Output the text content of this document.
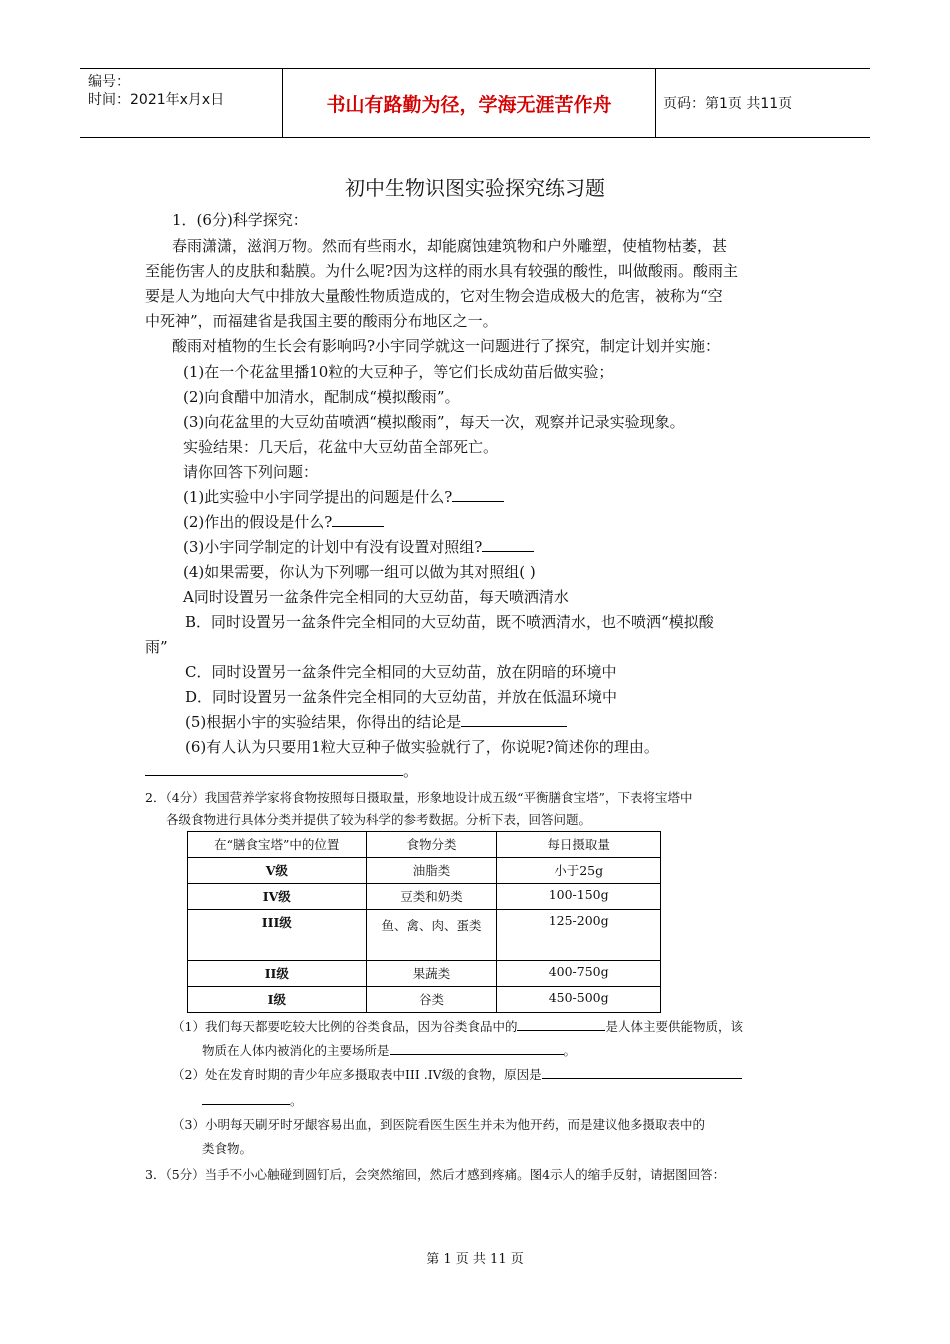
编号：
时间：2021年x月x日	书山有路勤为径，学海无涯苦作舟	页码：第1页 共11页
初中生物识图实验探究练习题
1．(6分)科学探究：
春雨潇潇，滋润万物。然而有些雨水，却能腐蚀建筑物和户外雕塑，使植物枯萎，甚
至能伤害人的皮肤和黏膜。为什么呢?因为这样的雨水具有较强的酸性，叫做酸雨。酸雨主
要是人为地向大气中排放大量酸性物质造成的，它对生物会造成极大的危害，被称为“空
中死神”，而福建省是我国主要的酸雨分布地区之一。
酸雨对植物的生长会有影响吗?小宇同学就这一问题进行了探究，制定计划并实施：
(1)在一个花盆里播10粒的大豆种子，等它们长成幼苗后做实验；
(2)向食醋中加清水，配制成“模拟酸雨”。
(3)向花盆里的大豆幼苗喷洒“模拟酸雨”，每天一次，观察并记录实验现象。
实验结果：几天后，花盆中大豆幼苗全部死亡。
请你回答下列问题：
(1)此实验中小宇同学提出的问题是什么?
(2)作出的假设是什么?
(3)小宇同学制定的计划中有没有设置对照组?
(4)如果需要，你认为下列哪一组可以做为其对照组( )
A同时设置另一盆条件完全相同的大豆幼苗，每天喷洒清水
B．同时设置另一盆条件完全相同的大豆幼苗，既不喷洒清水，也不喷洒“模拟酸
雨”
C．同时设置另一盆条件完全相同的大豆幼苗，放在阴暗的环境中
D．同时设置另一盆条件完全相同的大豆幼苗，并放在低温环境中
(5)根据小宇的实验结果，你得出的结论是
(6)有人认为只要用1粒大豆种子做实验就行了，你说呢?简述你的理由。
。
2．（4分）我国营养学家将食物按照每日摄取量，形象地设计成五级“平衡膳食宝塔”，下表将宝塔中
各级食物进行具体分类并提供了较为科学的参考数据。分析下表，回答问题。
在“膳食宝塔”中的位置	食物分类	每日摄取量
V级	油脂类	小于25g
IV级	豆类和奶类	100-150g
III级	鱼、禽、肉、蛋类	125-200g
II级	果蔬类	400-750g
I级	谷类	450-500g
（1）我们每天都要吃较大比例的谷类食品，因为谷类食品中的	是人体主要供能物质，该
物质在人体内被消化的主要场所是	。
（2）处在发育时期的青少年应多摄取表中III .IV级的食物，原因是
。
（3）小明每天刷牙时牙龈容易出血，到医院看医生医生并未为他开药，而是建议他多摄取表中的
类食物。
3．（5分）当手不小心触碰到圆钉后，会突然缩回，然后才感到疼痛。图4示人的缩手反射，请据图回答：
第 1 页 共 11 页
